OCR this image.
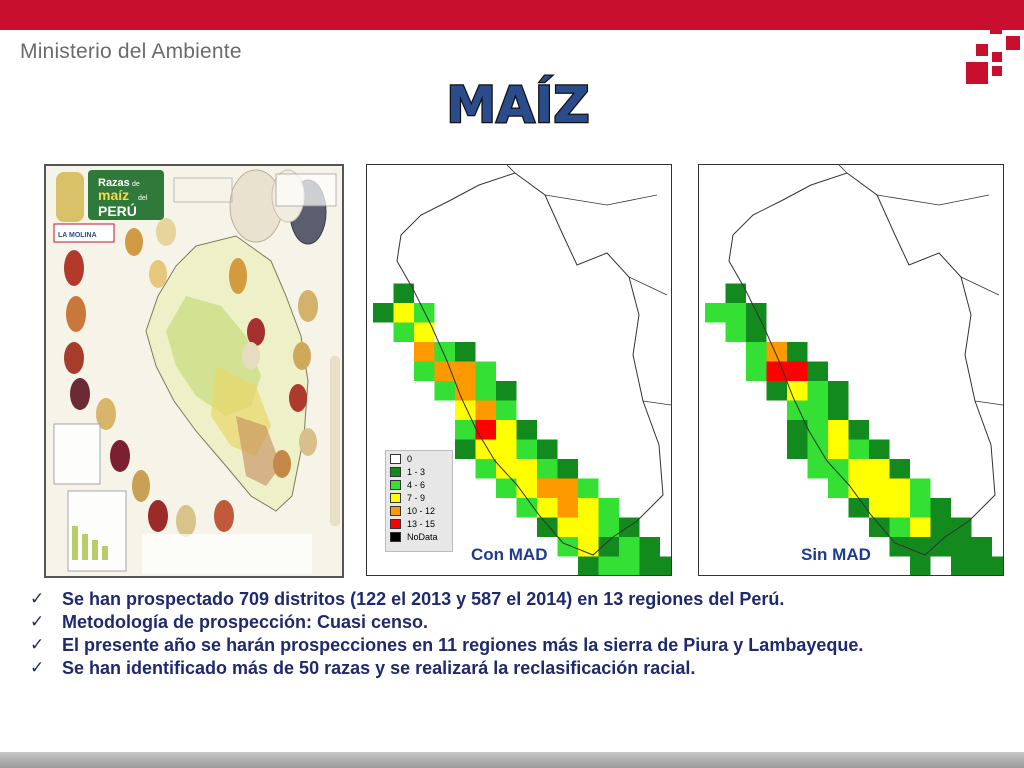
Ministerio del Ambiente
MAÍZ
Razas de
maíz del
PERÚ
LA MOLINA
0
1 - 3
4 - 6
7 - 9
10 - 12
13 - 15
NoData
Con MAD	Sin MAD
✓ Se han prospectado 709 distritos (122 el 2013 y 587 el 2014) en 13 regiones del Perú.
✓ Metodología de prospección: Cuasi censo.
✓ El presente año se harán prospecciones en 11 regiones más la sierra de Piura y Lambayeque.
✓ Se han identificado más de 50 razas y se realizará la reclasificación racial.
